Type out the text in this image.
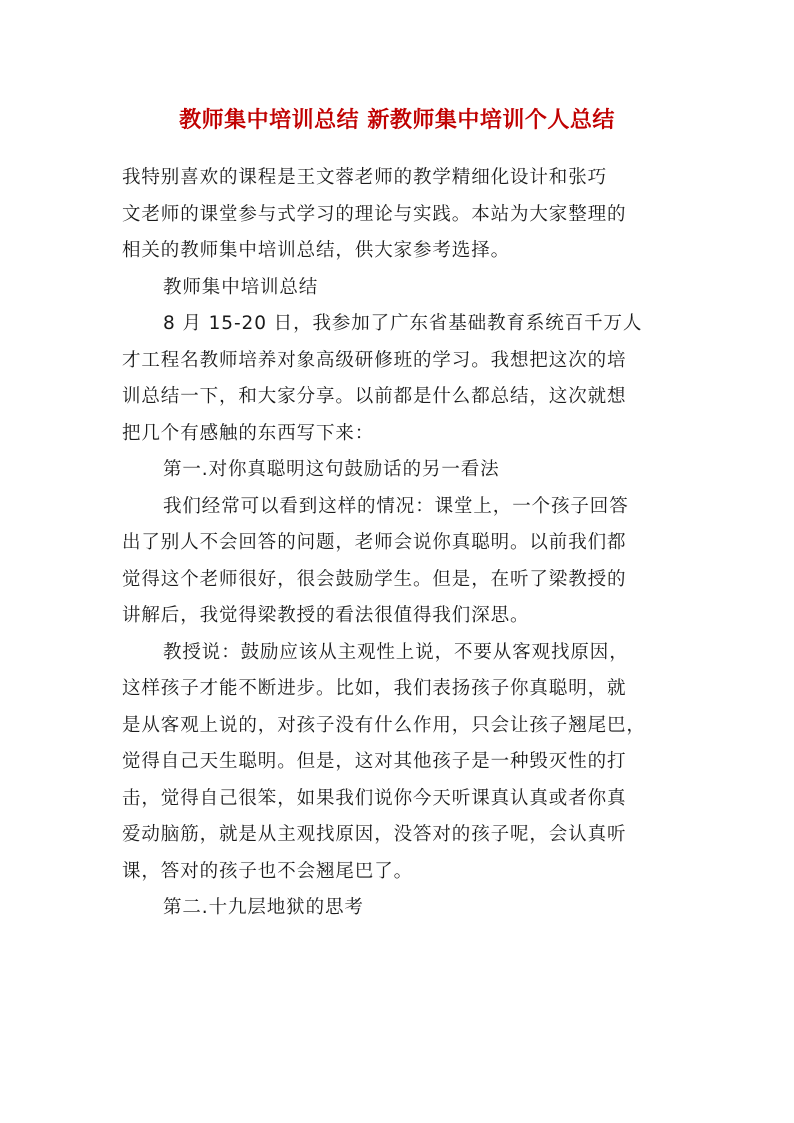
教师集中培训总结 新教师集中培训个人总结
我特别喜欢的课程是王文蓉老师的教学精细化设计和张巧
文老师的课堂参与式学习的理论与实践。本站为大家整理的
相关的教师集中培训总结，供大家参考选择。
教师集中培训总结
8 月 15-20 日，我参加了广东省基础教育系统百千万人
才工程名教师培养对象高级研修班的学习。我想把这次的培
训总结一下，和大家分享。以前都是什么都总结，这次就想
把几个有感触的东西写下来：
第一.对你真聪明这句鼓励话的另一看法
我们经常可以看到这样的情况：课堂上，一个孩子回答
出了别人不会回答的问题，老师会说你真聪明。以前我们都
觉得这个老师很好，很会鼓励学生。但是，在听了梁教授的
讲解后，我觉得梁教授的看法很值得我们深思。
教授说：鼓励应该从主观性上说，不要从客观找原因，
这样孩子才能不断进步。比如，我们表扬孩子你真聪明，就
是从客观上说的，对孩子没有什么作用，只会让孩子翘尾巴，
觉得自己天生聪明。但是，这对其他孩子是一种毁灭性的打
击，觉得自己很笨，如果我们说你今天听课真认真或者你真
爱动脑筋，就是从主观找原因，没答对的孩子呢，会认真听
课，答对的孩子也不会翘尾巴了。
第二.十九层地狱的思考
